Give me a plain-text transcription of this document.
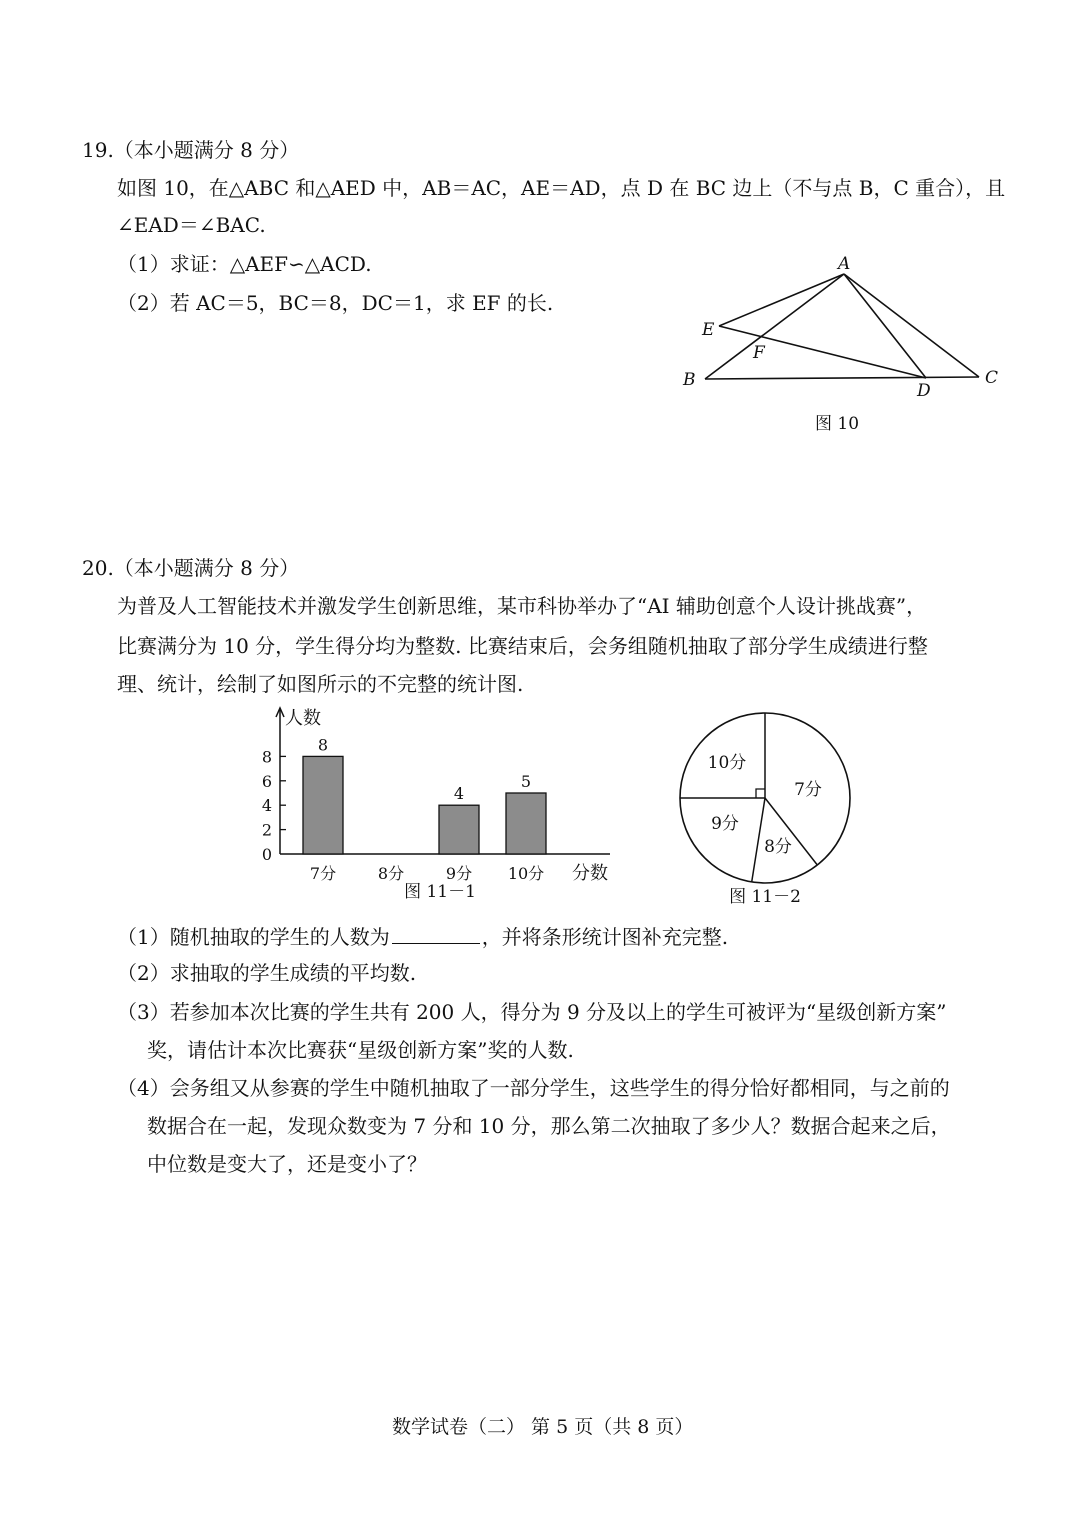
19.（本小题满分 8 分）
如图 10，在△ABC 和△AED 中，AB＝AC，AE＝AD，点 D 在 BC 边上（不与点 B，C 重合），且
∠EAD＝∠BAC.
（1）求证：△AEF∽△ACD.
（2）若 AC＝5，BC＝8，DC＝1，求 EF 的长.
A
E
F
B
D
C
图 10
20.（本小题满分 8 分）
为普及人工智能技术并激发学生创新思维，某市科协举办了“AI 辅助创意个人设计挑战赛”，
比赛满分为 10 分，学生得分均为整数. 比赛结束后，会务组随机抽取了部分学生成绩进行整
理、统计，绘制了如图所示的不完整的统计图.
人数
0
2
4
6
8
7分
8
8分	9分
4
10分
5
分数
图 11－1
10分
7分
8分
9分
图 11－2
（1）随机抽取的学生的人数为	，并将条形统计图补充完整.
（2）求抽取的学生成绩的平均数.
（3）若参加本次比赛的学生共有 200 人，得分为 9 分及以上的学生可被评为“星级创新方案”
奖，请估计本次比赛获“星级创新方案”奖的人数.
（4）会务组又从参赛的学生中随机抽取了一部分学生，这些学生的得分恰好都相同，与之前的
数据合在一起，发现众数变为 7 分和 10 分，那么第二次抽取了多少人？数据合起来之后，
中位数是变大了，还是变小了？
数学试卷（二） 第 5 页（共 8 页）
